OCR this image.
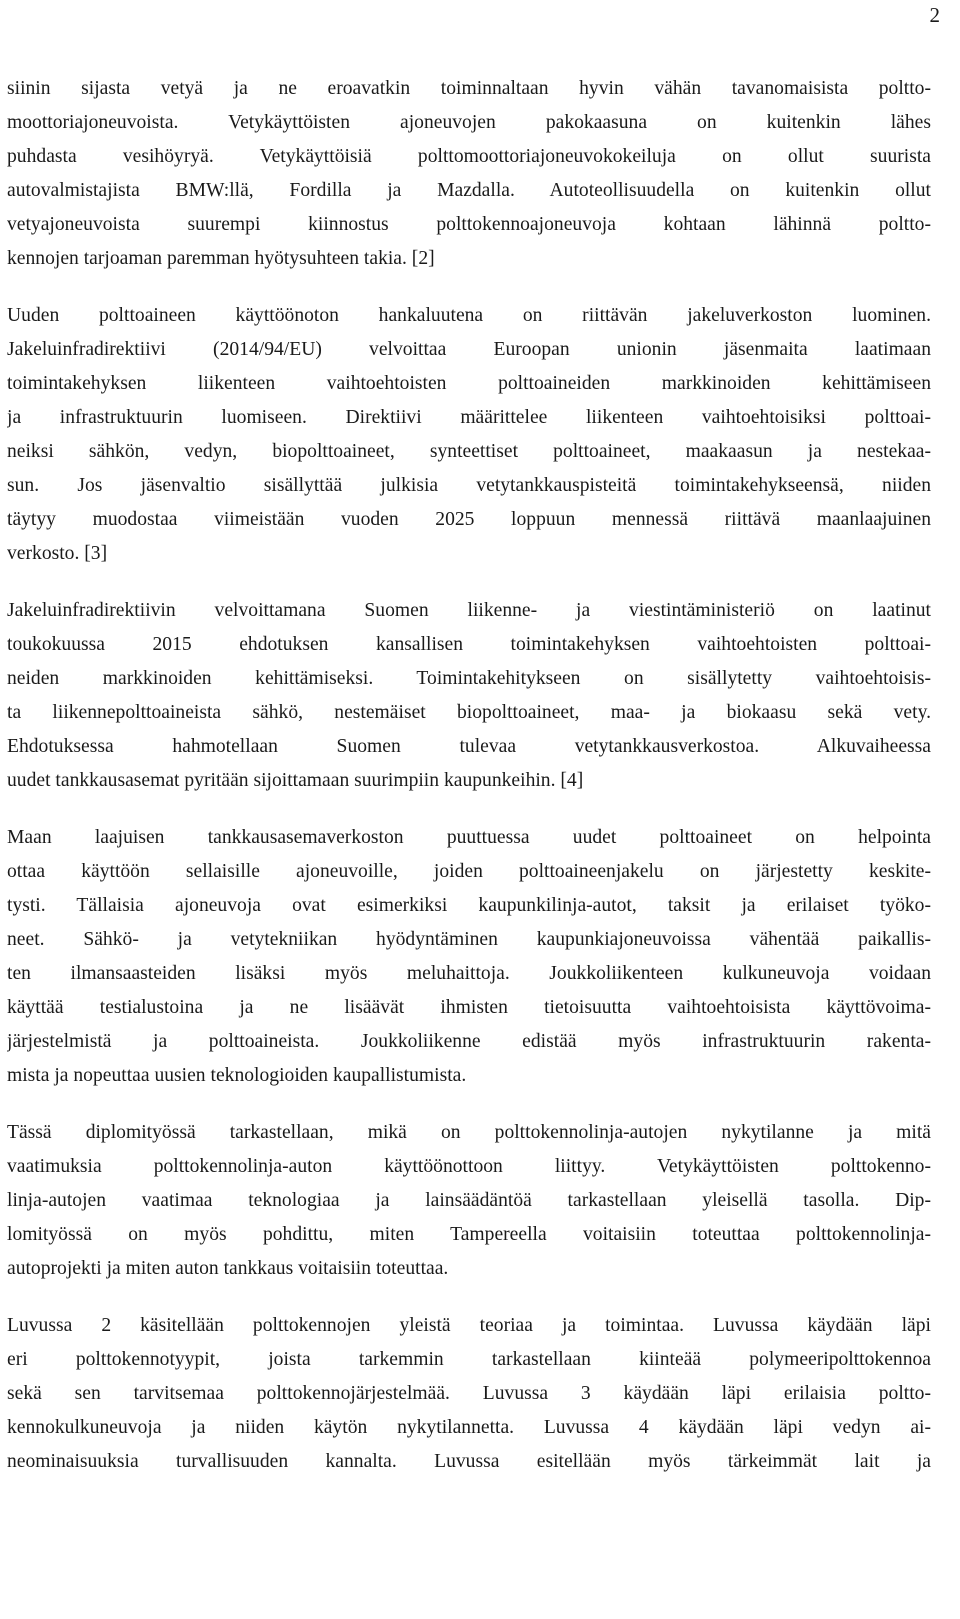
2
siinin sijasta vetyä ja ne eroavatkin toiminnaltaan hyvin vähän tavanomaisista poltto-
moottoriajoneuvoista. Vetykäyttöisten ajoneuvojen pakokaasuna on kuitenkin lähes
puhdasta vesihöyryä. Vetykäyttöisiä polttomoottoriajoneuvokokeiluja on ollut suurista
autovalmistajista BMW:llä, Fordilla ja Mazdalla. Autoteollisuudella on kuitenkin ollut
vetyajoneuvoista suurempi kiinnostus polttokennoajoneuvoja kohtaan lähinnä poltto-
kennojen tarjoaman paremman hyötysuhteen takia. [2]
Uuden polttoaineen käyttöönoton hankaluutena on riittävän jakeluverkoston luominen.
Jakeluinfradirektiivi (2014/94/EU) velvoittaa Euroopan unionin jäsenmaita laatimaan
toimintakehyksen liikenteen vaihtoehtoisten polttoaineiden markkinoiden kehittämiseen
ja infrastruktuurin luomiseen. Direktiivi määrittelee liikenteen vaihtoehtoisiksi polttoai-
neiksi sähkön, vedyn, biopolttoaineet, synteettiset polttoaineet, maakaasun ja nestekaa-
sun. Jos jäsenvaltio sisällyttää julkisia vetytankkauspisteitä toimintakehykseensä, niiden
täytyy muodostaa viimeistään vuoden 2025 loppuun mennessä riittävä maanlaajuinen
verkosto. [3]
Jakeluinfradirektiivin velvoittamana Suomen liikenne- ja viestintäministeriö on laatinut
toukokuussa 2015 ehdotuksen kansallisen toimintakehyksen vaihtoehtoisten polttoai-
neiden markkinoiden kehittämiseksi. Toimintakehitykseen on sisällytetty vaihtoehtoisis-
ta liikennepolttoaineista sähkö, nestemäiset biopolttoaineet, maa- ja biokaasu sekä vety.
Ehdotuksessa hahmotellaan Suomen tulevaa vetytankkausverkostoa. Alkuvaiheessa
uudet tankkausasemat pyritään sijoittamaan suurimpiin kaupunkeihin. [4]
Maan laajuisen tankkausasemaverkoston puuttuessa uudet polttoaineet on helpointa
ottaa käyttöön sellaisille ajoneuvoille, joiden polttoaineenjakelu on järjestetty keskite-
tysti. Tällaisia ajoneuvoja ovat esimerkiksi kaupunkilinja-autot, taksit ja erilaiset työko-
neet. Sähkö- ja vetytekniikan hyödyntäminen kaupunkiajoneuvoissa vähentää paikallis-
ten ilmansaasteiden lisäksi myös meluhaittoja. Joukkoliikenteen kulkuneuvoja voidaan
käyttää testialustoina ja ne lisäävät ihmisten tietoisuutta vaihtoehtoisista käyttövoima-
järjestelmistä ja polttoaineista. Joukkoliikenne edistää myös infrastruktuurin rakenta-
mista ja nopeuttaa uusien teknologioiden kaupallistumista.
Tässä diplomityössä tarkastellaan, mikä on polttokennolinja-autojen nykytilanne ja mitä
vaatimuksia polttokennolinja-auton käyttöönottoon liittyy. Vetykäyttöisten polttokenno-
linja-autojen vaatimaa teknologiaa ja lainsäädäntöä tarkastellaan yleisellä tasolla. Dip-
lomityössä on myös pohdittu, miten Tampereella voitaisiin toteuttaa polttokennolinja-
autoprojekti ja miten auton tankkaus voitaisiin toteuttaa.
Luvussa 2 käsitellään polttokennojen yleistä teoriaa ja toimintaa. Luvussa käydään läpi
eri polttokennotyypit, joista tarkemmin tarkastellaan kiinteää polymeeripolttokennoa
sekä sen tarvitsemaa polttokennojärjestelmää. Luvussa 3 käydään läpi erilaisia poltto-
kennokulkuneuvoja ja niiden käytön nykytilannetta. Luvussa 4 käydään läpi vedyn ai-
neominaisuuksia turvallisuuden kannalta. Luvussa esitellään myös tärkeimmät lait ja
